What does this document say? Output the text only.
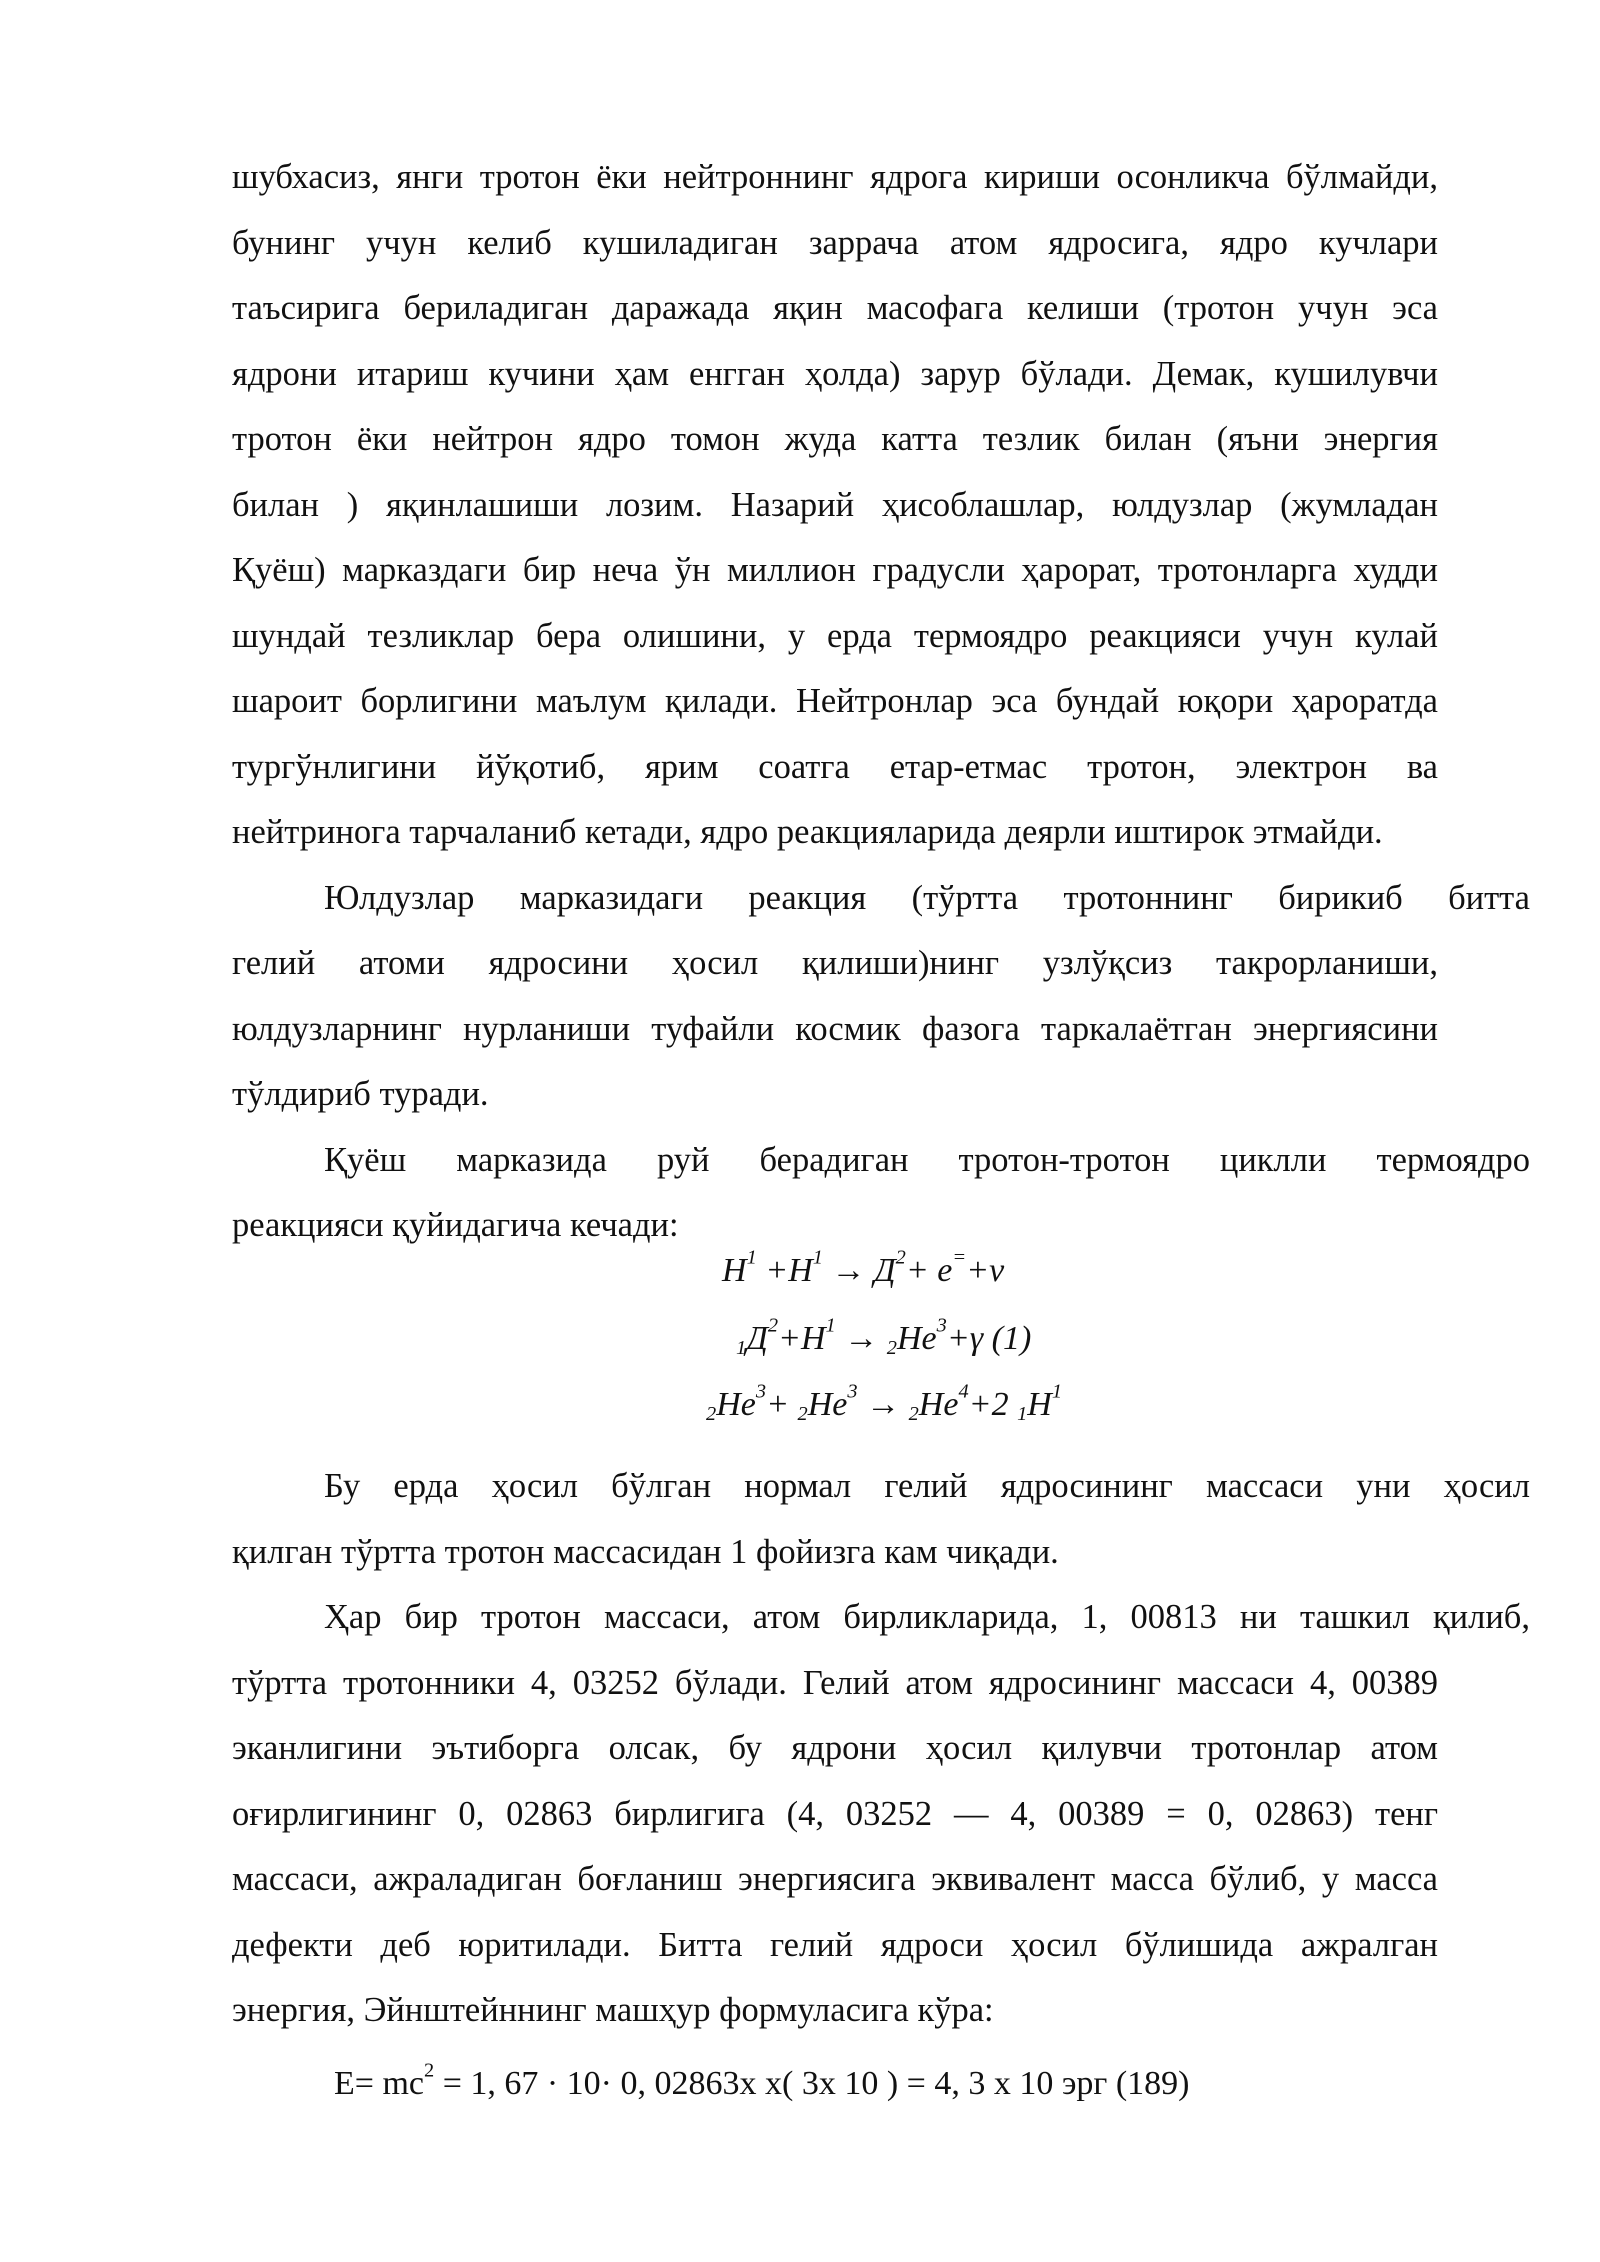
шубхасиз, янги тротон ёки нейтроннинг ядрога кириши осонликча бўлмайди,
бунинг учун келиб кушиладиган заррача атом ядросига, ядро кучлари
таъсирига бериладиган даражада яқин масофага келиши (тротон учун эса
ядрони итариш кучини ҳам енгган ҳолда) зарур бўлади. Демак, кушилувчи
тротон ёки нейтрон ядро томон жуда катта тезлик билан (яъни энергия
билан ) яқинлашиши лозим. Назарий ҳисоблашлар, юлдузлар (жумладан
Қуёш) марказдаги бир неча ўн миллион градусли ҳарорат, тротонларга худди
шундай тезликлар бера олишини, у ерда термоядро реакцияси учун кулай
шароит борлигини маълум қилади. Нейтронлар эса бундай юқори ҳароратда
тургўнлигини йўқотиб, ярим соатга етар-етмас тротон, электрон ва
нейтринога тарчаланиб кетади, ядро реакцияларида деярли иштирок этмайди.

Юлдузлар марказидаги реакция (тўртта тротоннинг бирикиб битта
гелий атоми ядросини ҳосил қилиши)нинг узлўқсиз такрорланиши,
юлдузларнинг нурланиши туфайли космик фазога таркалаётган энергиясини
тўлдириб туради.

Қуёш марказида руй берадиган тротон-тротон циклли термоядро
реакцияси қуйидагича кечади:

$H^1 +H^1 \to Д^2+ e^=+\nu$
$_1Д^2+H^1 \to _2He^3+\gamma$ (1)
$_2He^3+ _2He^3 \to _2He^4+2$ $_1H^1$

Бу ерда ҳосил бўлган нормал гелий ядросининг массаси уни ҳосил
қилган тўртта тротон массасидан 1 фойизга кам чиқади.

Ҳар бир тротон массаси, атом бирликларида, 1, 00813 ни ташкил қилиб,
тўртта тротонники 4, 03252 бўлади. Гелий атом ядросининг массаси 4, 00389
эканлигини эътиборга олсак, бу ядрони ҳосил қилувчи тротонлар атом
оғирлигининг 0, 02863 бирлигига (4, 03252 — 4, 00389 = 0, 02863) тенг
массаси, ажраладиган боғланиш энергиясига эквивалент масса бўлиб, у масса
дефекти деб юритилади. Битта гелий ядроси ҳосил бўлишида ажралган
энергия, Эйнштейннинг машҳур формуласига кўра:

$E= mc^2 = 1$, 67 · 10· 0, 02863x x( 3x 10 ) = 4, 3 x 10 эрг (189)
